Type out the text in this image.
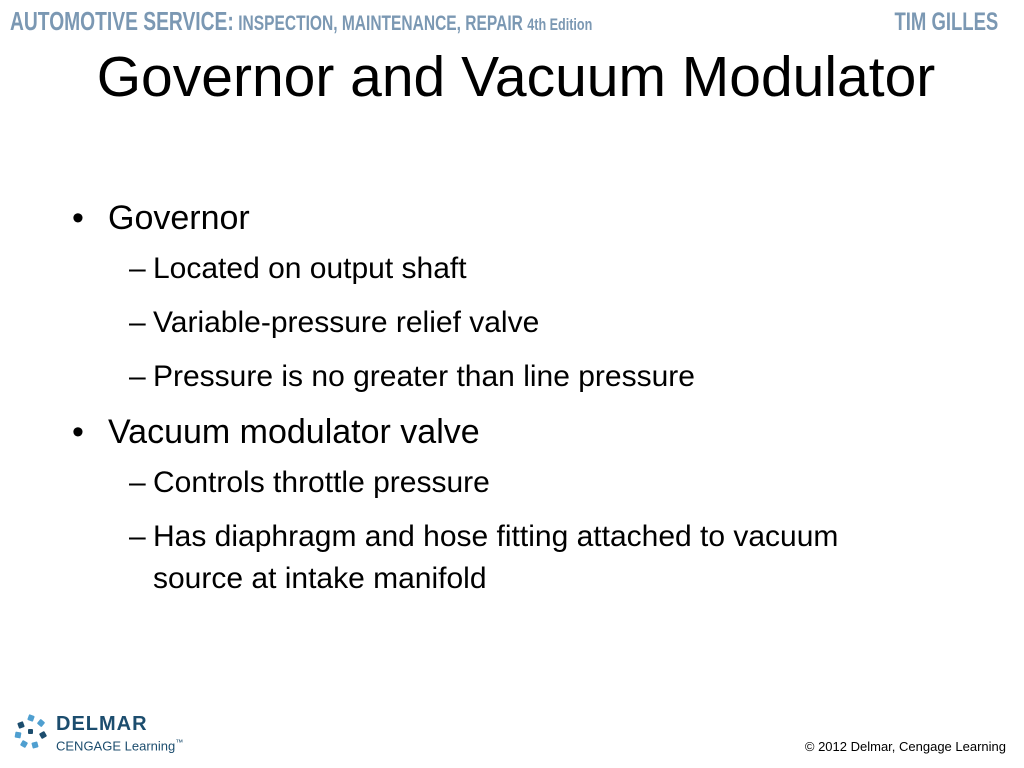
AUTOMOTIVE SERVICE: INSPECTION, MAINTENANCE, REPAIR 4th Edition	TIM GILLES
Governor and Vacuum Modulator
• Governor
– Located on output shaft
– Variable-pressure relief valve
– Pressure is no greater than line pressure
• Vacuum modulator valve
– Controls throttle pressure
– Has diaphragm and hose fitting attached to vacuum source at intake manifold
DELMAR
CENGAGE Learning™	© 2012 Delmar, Cengage Learning
